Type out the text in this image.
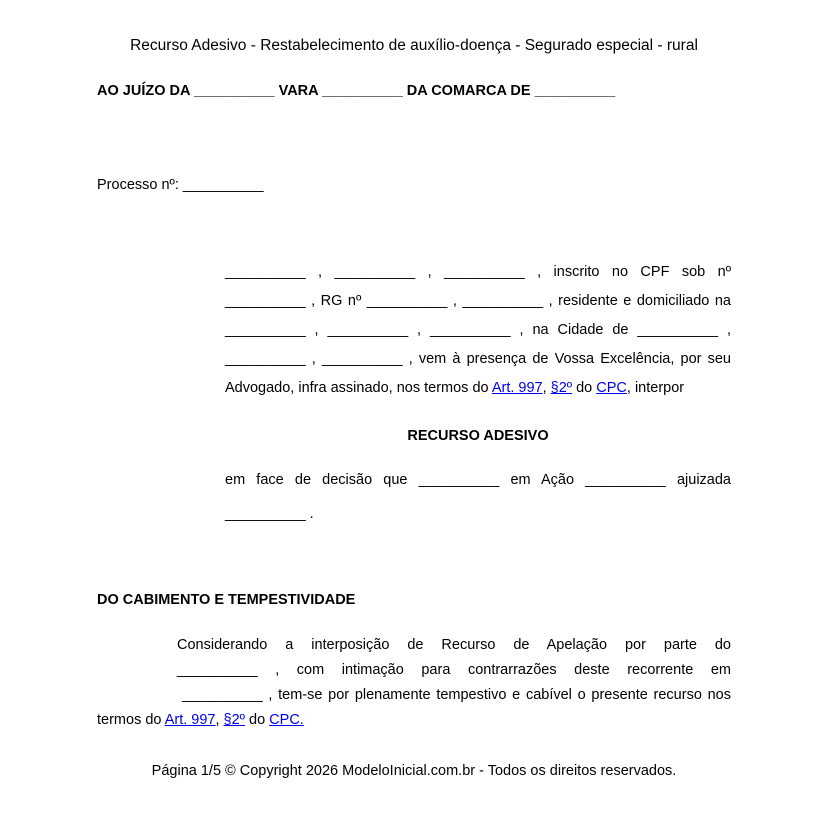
Recurso Adesivo - Restabelecimento de auxílio-doença - Segurado especial - rural
AO JUÍZO DA __________ VARA __________ DA COMARCA DE __________
Processo nº: __________
__________ , __________ , __________ , inscrito no CPF sob nº
__________ , RG nº __________ , __________ , residente e domiciliado na
__________ , __________ , __________ , na Cidade de __________ ,
__________ , __________ , vem à presença de Vossa Excelência, por seu
Advogado, infra assinado, nos termos do Art. 997, §2º do CPC, interpor
RECURSO ADESIVO
em face de decisão que __________ em Ação __________ ajuizada
__________ .
DO CABIMENTO E TEMPESTIVIDADE
Considerando a interposição de Recurso de Apelação por parte do
__________ , com intimação para contrarrazões deste recorrente em
__________ , tem-se por plenamente tempestivo e cabível o presente recurso nos
termos do Art. 997, §2º do CPC.
Página 1/5 © Copyright 2026 ModeloInicial.com.br - Todos os direitos reservados.
